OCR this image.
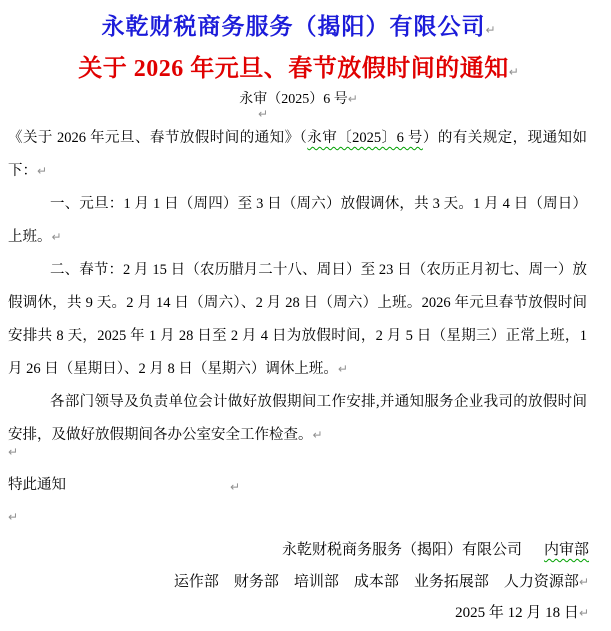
永乾财税商务服务（揭阳）有限公司↵
关于 2026 年元旦、春节放假时间的通知↵
永审（2025）6 号↵
↵

《关于 2026 年元旦、春节放假时间的通知》（永审〔2025〕6 号）的有关规定，现通知如下：↵

一、元旦：1 月 1 日（周四）至 3 日（周六）放假调休，共 3 天。1 月 4 日（周日）上班。↵

二、春节：2 月 15 日（农历腊月二十八、周日）至 23 日（农历正月初七、周一）放假调休，共 9 天。2 月 14 日（周六）、2 月 28 日（周六）上班。2026 年元旦春节放假时间安排共 8 天，2025 年 1 月 28 日至 2 月 4 日为放假时间，2 月 5 日（星期三）正常上班，1 月 26 日（星期日）、2 月 8 日（星期六）调休上班。↵

各部门领导及负责单位会计做好放假期间工作安排,并通知服务企业我司的放假时间安排，及做好放假期间各办公室安全工作检查。↵

↵
特此通知	↵
↵
永乾财税商务服务（揭阳）有限公司 内审部
运作部　财务部　培训部　成本部　业务拓展部　人力资源部↵
2025 年 12 月 18 日↵
